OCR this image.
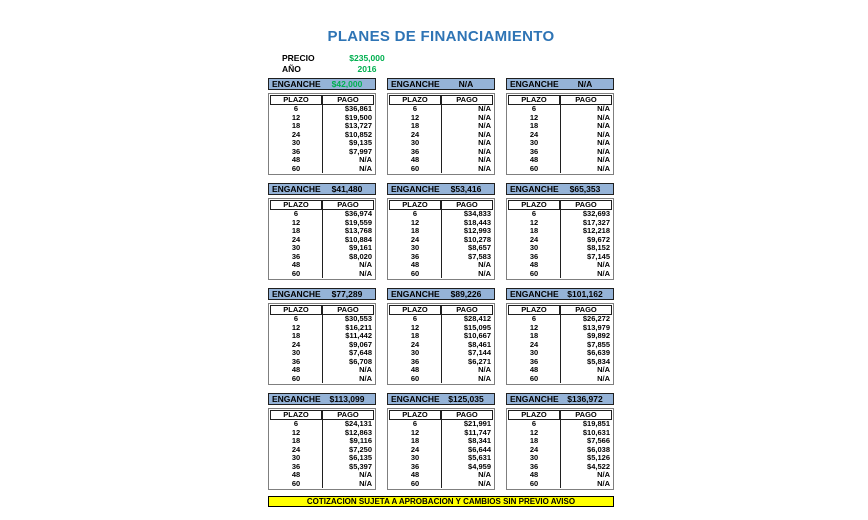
PLANES DE FINANCIAMIENTO
PRECIO	$235,000
AÑO	2016
ENGANCHE	$42,000
PLAZO	PAGO
6	$36,861
12	$19,500
18	$13,727
24	$10,852
30	$9,135
36	$7,997
48	N/A
60	N/A
ENGANCHE	N/A
PLAZO	PAGO
6	N/A
12	N/A
18	N/A
24	N/A
30	N/A
36	N/A
48	N/A
60	N/A
ENGANCHE	N/A
PLAZO	PAGO
6	N/A
12	N/A
18	N/A
24	N/A
30	N/A
36	N/A
48	N/A
60	N/A
ENGANCHE	$41,480
PLAZO	PAGO
6	$36,974
12	$19,559
18	$13,768
24	$10,884
30	$9,161
36	$8,020
48	N/A
60	N/A
ENGANCHE	$53,416
PLAZO	PAGO
6	$34,833
12	$18,443
18	$12,993
24	$10,278
30	$8,657
36	$7,583
48	N/A
60	N/A
ENGANCHE	$65,353
PLAZO	PAGO
6	$32,693
12	$17,327
18	$12,218
24	$9,672
30	$8,152
36	$7,145
48	N/A
60	N/A
ENGANCHE	$77,289
PLAZO	PAGO
6	$30,553
12	$16,211
18	$11,442
24	$9,067
30	$7,648
36	$6,708
48	N/A
60	N/A
ENGANCHE	$89,226
PLAZO	PAGO
6	$28,412
12	$15,095
18	$10,667
24	$8,461
30	$7,144
36	$6,271
48	N/A
60	N/A
ENGANCHE	$101,162
PLAZO	PAGO
6	$26,272
12	$13,979
18	$9,892
24	$7,855
30	$6,639
36	$5,834
48	N/A
60	N/A
ENGANCHE	$113,099
PLAZO	PAGO
6	$24,131
12	$12,863
18	$9,116
24	$7,250
30	$6,135
36	$5,397
48	N/A
60	N/A
ENGANCHE	$125,035
PLAZO	PAGO
6	$21,991
12	$11,747
18	$8,341
24	$6,644
30	$5,631
36	$4,959
48	N/A
60	N/A
ENGANCHE	$136,972
PLAZO	PAGO
6	$19,851
12	$10,631
18	$7,566
24	$6,038
30	$5,126
36	$4,522
48	N/A
60	N/A
COTIZACION SUJETA A APROBACION Y CAMBIOS SIN PREVIO AVISO
